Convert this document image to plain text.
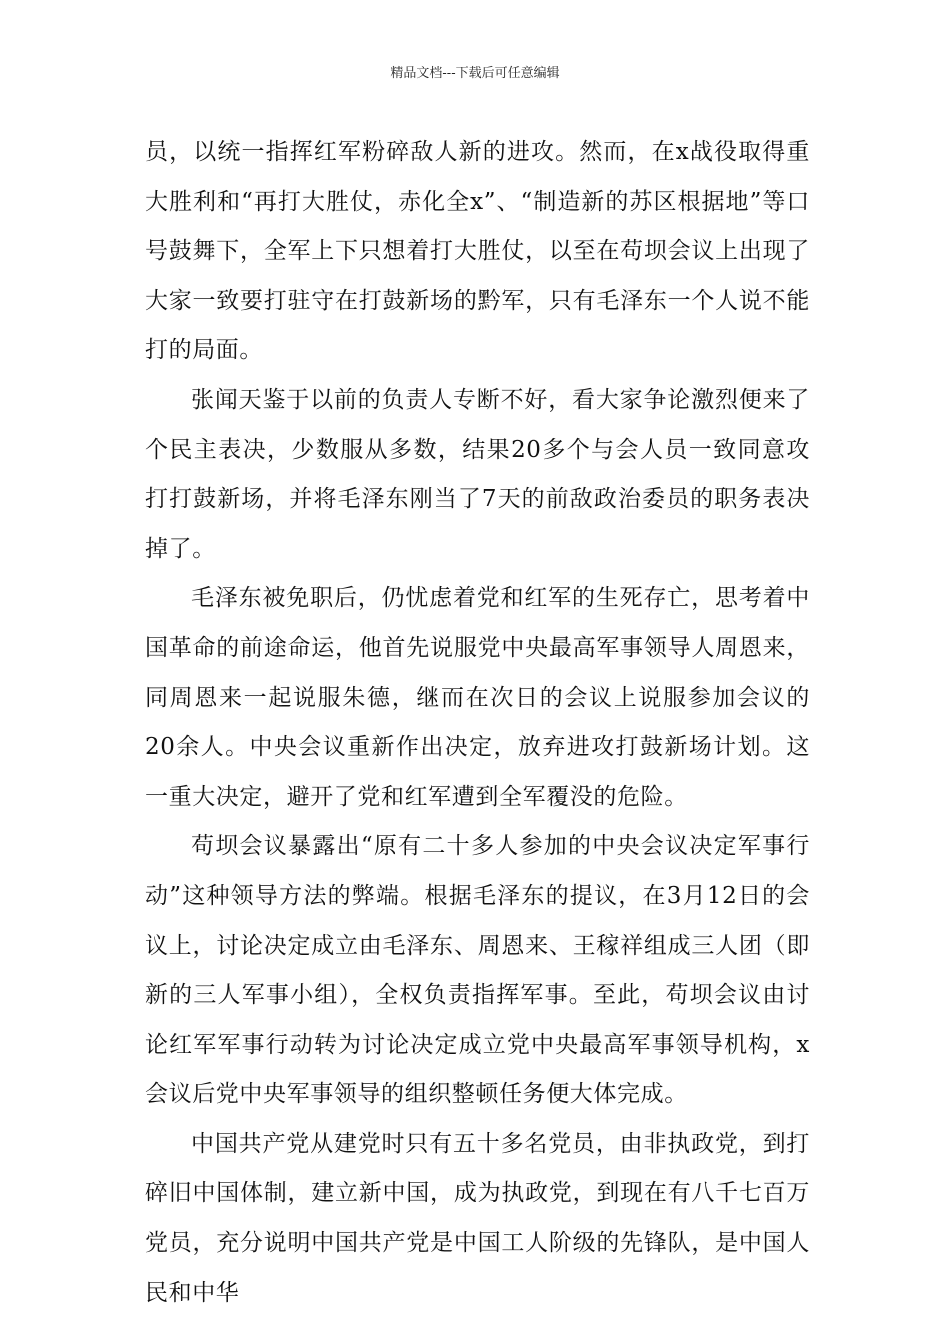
精品文档---下载后可任意编辑

员，以统一指挥红军粉碎敌人新的进攻。然而，在x战役取得重大胜利和“再打大胜仗，赤化全x”、“制造新的苏区根据地”等口号鼓舞下，全军上下只想着打大胜仗，以至在苟坝会议上出现了大家一致要打驻守在打鼓新场的黔军，只有毛泽东一个人说不能打的局面。

张闻天鉴于以前的负责人专断不好，看大家争论激烈便来了个民主表决，少数服从多数，结果20多个与会人员一致同意攻打打鼓新场，并将毛泽东刚当了7天的前敌政治委员的职务表决掉了。

毛泽东被免职后，仍忧虑着党和红军的生死存亡，思考着中国革命的前途命运，他首先说服党中央最高军事领导人周恩来，同周恩来一起说服朱德，继而在次日的会议上说服参加会议的20余人。中央会议重新作出决定，放弃进攻打鼓新场计划。这一重大决定，避开了党和红军遭到全军覆没的危险。

苟坝会议暴露出“原有二十多人参加的中央会议决定军事行动”这种领导方法的弊端。根据毛泽东的提议，在3月12日的会议上，讨论决定成立由毛泽东、周恩来、王稼祥组成三人团（即新的三人军事小组），全权负责指挥军事。至此，苟坝会议由讨论红军军事行动转为讨论决定成立党中央最高军事领导机构，x会议后党中央军事领导的组织整顿任务便大体完成。

中国共产党从建党时只有五十多名党员，由非执政党，到打碎旧中国体制，建立新中国，成为执政党，到现在有八千七百万党员，充分说明中国共产党是中国工人阶级的先锋队，是中国人民和中华
